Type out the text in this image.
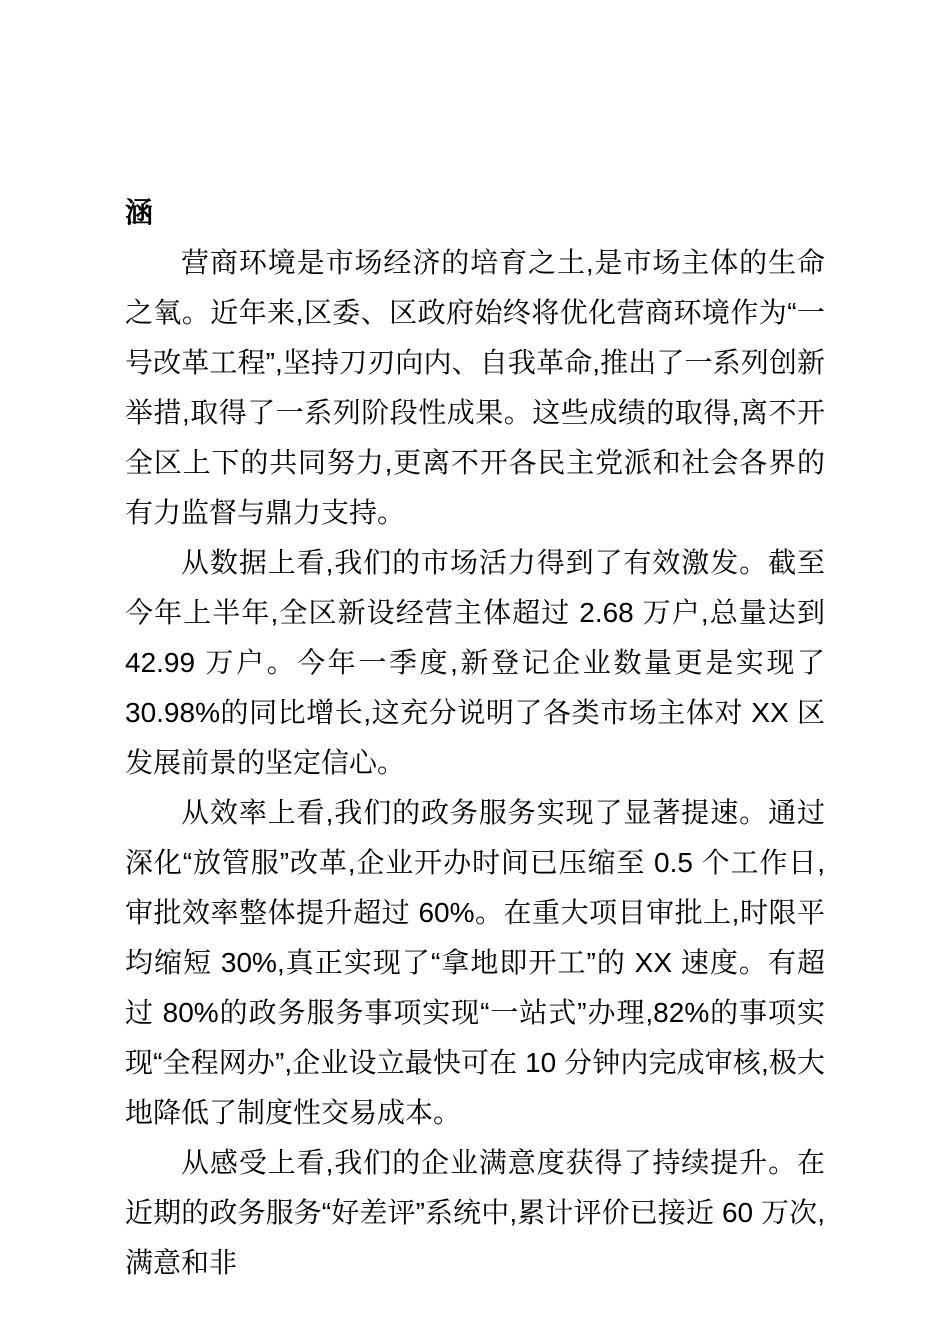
涵

营商环境是市场经济的培育之土,是市场主体的生命之氧。近年来,区委、区政府始终将优化营商环境作为“一号改革工程”,坚持刀刃向内、自我革命,推出了一系列创新举措,取得了一系列阶段性成果。这些成绩的取得,离不开全区上下的共同努力,更离不开各民主党派和社会各界的有力监督与鼎力支持。

从数据上看,我们的市场活力得到了有效激发。截至今年上半年,全区新设经营主体超过 2.68 万户,总量达到 42.99 万户。今年一季度,新登记企业数量更是实现了 30.98%的同比增长,这充分说明了各类市场主体对 XX 区发展前景的坚定信心。

从效率上看,我们的政务服务实现了显著提速。通过深化“放管服”改革,企业开办时间已压缩至 0.5 个工作日,审批效率整体提升超过 60%。在重大项目审批上,时限平均缩短 30%,真正实现了“拿地即开工”的 XX 速度。有超过 80%的政务服务事项实现“一站式”办理,82%的事项实现“全程网办”,企业设立最快可在 10 分钟内完成审核,极大地降低了制度性交易成本。

从感受上看,我们的企业满意度获得了持续提升。在近期的政务服务“好差评”系统中,累计评价已接近 60 万次,满意和非
